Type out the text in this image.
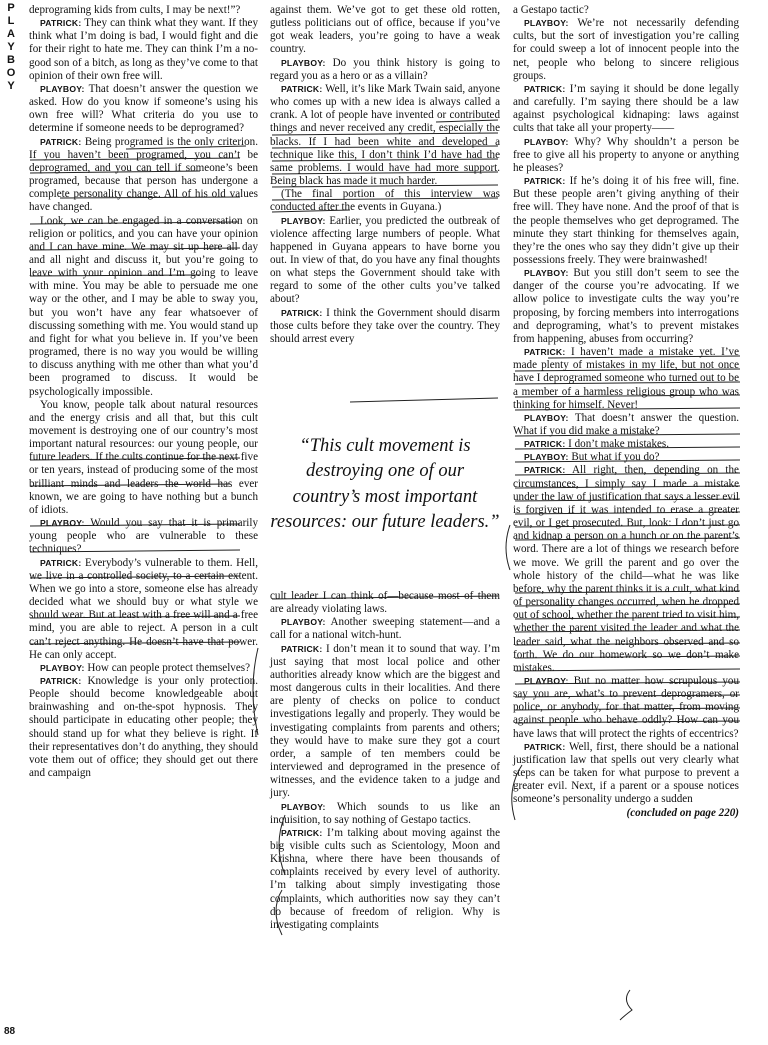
P
L
A
Y
B
O
Y

deprograming kids from cults, I may be next!”?

PATRICK: They can think what they want. If they think what I’m doing is bad, I would fight and die for their right to hate me. They can think I’m a no-good son of a bitch, as long as they’ve come to that opinion of their own free will.

PLAYBOY: That doesn’t answer the question we asked. How do you know if someone’s using his own free will? What criteria do you use to determine if someone needs to be deprogramed?

PATRICK: Being programed is the only criterion. If you haven’t been programed, you can’t be deprogramed, and you can tell if someone’s been programed, because that person has undergone a complete personality change. All of his old values have changed.

Look, we can be engaged in a conversation on religion or politics, and you can have your opinion and I can have mine. We may sit up here all day and all night and discuss it, but you’re going to leave with your opinion and I’m going to leave with mine. You may be able to persuade me one way or the other, and I may be able to sway you, but you won’t have any fear whatsoever of discussing something with me. You would stand up and fight for what you believe in. If you’ve been programed, there is no way you would be willing to discuss anything with me other than what you’d been programed to discuss. It would be psychologically impossible.

You know, people talk about natural resources and the energy crisis and all that, but this cult movement is destroying one of our country’s most important natural resources: our young people, our future leaders. If the cults continue for the next five or ten years, instead of producing some of the most brilliant minds and leaders the world has ever known, we are going to have nothing but a bunch of idiots.

PLAYBOY: Would you say that it is primarily young people who are vulnerable to these techniques?

PATRICK: Everybody’s vulnerable to them. Hell, we live in a controlled society, to a certain extent. When we go into a store, someone else has already decided what we should buy or what style we should wear. But at least with a free will and a free mind, you are able to reject. A person in a cult can’t reject anything. He doesn’t have that power. He can only accept.

PLAYBOY: How can people protect themselves?

PATRICK: Knowledge is your only protection. People should become knowledgeable about brainwashing and on-the-spot hypnosis. They should participate in educating other people; they should stand up for what they believe is right. If their representatives don’t do anything, they should vote them out of office; they should get out there and campaign

against them. We’ve got to get these old rotten, gutless politicians out of office, because if you’ve got weak leaders, you’re going to have a weak country.

PLAYBOY: Do you think history is going to regard you as a hero or as a villain?

PATRICK: Well, it’s like Mark Twain said, anyone who comes up with a new idea is always called a crank. A lot of people have invented or contributed things and never received any credit, especially the blacks. If I had been white and developed a technique like this, I don’t think I’d have had the same problems. I would have had more support. Being black has made it much harder.

(The final portion of this interview was conducted after the events in Guyana.)

PLAYBOY: Earlier, you predicted the outbreak of violence affecting large numbers of people. What happened in Guyana appears to have borne you out. In view of that, do you have any final thoughts on what steps the Government should take with regard to some of the other cults you’ve talked about?

PATRICK: I think the Government should disarm those cults before they take over the country. They should arrest every

“This cult movement is destroying one of our country’s most important resources: our future leaders.”

cult leader I can think of—because most of them are already violating laws.

PLAYBOY: Another sweeping statement—and a call for a national witch-hunt.

PATRICK: I don’t mean it to sound that way. I’m just saying that most local police and other authorities already know which are the biggest and most dangerous cults in their localities. And there are plenty of checks on police to conduct investigations legally and properly. They would be investigating complaints from parents and others; they would have to make sure they got a court order, a sample of ten members could be interviewed and deprogramed in the presence of witnesses, and the evidence taken to a judge and jury.

PLAYBOY: Which sounds to us like an inquisition, to say nothing of Gestapo tactics.

PATRICK: I’m talking about moving against the big visible cults such as Scientology, Moon and Krishna, where there have been thousands of complaints received by every level of authority. I’m talking about simply investigating those complaints, which authorities now say they can’t do because of freedom of religion. Why is investigating complaints

a Gestapo tactic?

PLAYBOY: We’re not necessarily defending cults, but the sort of investigation you’re calling for could sweep a lot of innocent people into the net, people who belong to sincere religious groups.

PATRICK: I’m saying it should be done legally and carefully. I’m saying there should be a law against psychological kidnaping: laws against cults that take all your property——

PLAYBOY: Why? Why shouldn’t a person be free to give all his property to anyone or anything he pleases?

PATRICK: If he’s doing it of his free will, fine. But these people aren’t giving anything of their free will. They have none. And the proof of that is the people themselves who get deprogramed. The minute they start thinking for themselves again, they’re the ones who say they didn’t give up their possessions freely. They were brainwashed!

PLAYBOY: But you still don’t seem to see the danger of the course you’re advocating. If we allow police to investigate cults the way you’re proposing, by forcing members into interrogations and deprograming, what’s to prevent mistakes from happening, abuses from occurring?

PATRICK: I haven’t made a mistake yet. I’ve made plenty of mistakes in my life, but not once have I deprogramed someone who turned out to be a member of a harmless religious group who was thinking for himself. Never!

PLAYBOY: That doesn’t answer the question. What if you did make a mistake?

PATRICK: I don’t make mistakes.

PLAYBOY: But what if you do?

PATRICK: All right, then, depending on the circumstances, I simply say I made a mistake under the law of justification that says a lesser evil is forgiven if it was intended to erase a greater evil, or I get prosecuted. But, look: I don’t just go and kidnap a person on a hunch or on the parent’s word. There are a lot of things we research before we move. We grill the parent and go over the whole history of the child—what he was like before, why the parent thinks it is a cult, what kind of personality changes occurred, when he dropped out of school, whether the parent tried to visit him, whether the parent visited the leader and what the leader said, what the neighbors observed and so forth. We do our homework so we don’t make mistakes.

PLAYBOY: But no matter how scrupulous you say you are, what’s to prevent deprogramers, or police, or anybody, for that matter, from moving against people who behave oddly? How can you have laws that will protect the rights of eccentrics?

PATRICK: Well, first, there should be a national justification law that spells out very clearly what steps can be taken for what purpose to prevent a greater evil. Next, if a parent or a spouse notices someone’s personality undergo a sudden

(concluded on page 220)
88
